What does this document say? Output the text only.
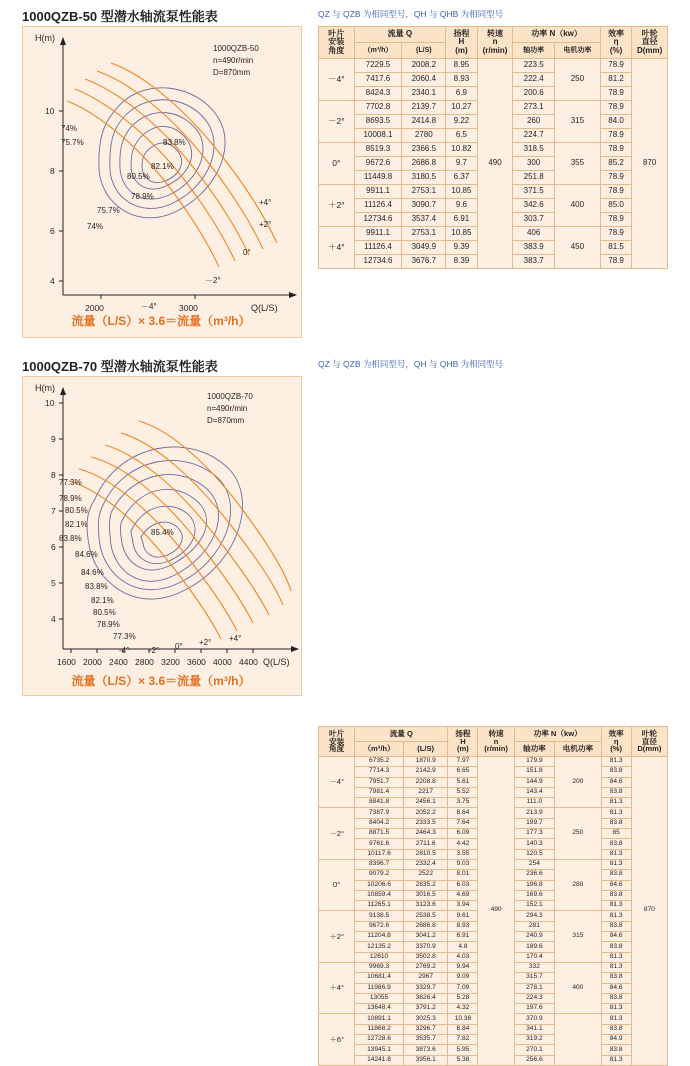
1000QZB-50 型潜水轴流泵性能表	QZ 与 QZB 为相同型号，QH 与 QHB 为相同型号
10
8
6
4
2000	3000
H(m)
Q(L/S)
1000QZB-50
n=490r/min
D=870mm
74%
75.7%	83.8%
82.1%
80.5%
78.9%
75.7%
74%
+4°
+2°
0°
－2°
－4°
流量（L/S）× 3.6＝流量（m³/h）
叶片
安装
角度	流量 Q		扬程
H
(m)	转速
n
(r/min)	功率 N（kw）		效率
η
(%)	叶轮
直径
D(mm)
	（m³/h）	(L/S)			轴功率	电机功率		
－4°	7229.5	2008.2	8.95	490	223.5	250	78.9	870
	7417.6	2060.4	8.93		222.4		81.2	
	8424.3	2340.1	6.9		200.6		78.9	
－2°	7702.8	2139.7	10.27		273.1	315	78.9	
	8693.5	2414.8	9.22		260		84.0	
	10008.1	2780	6.5		224.7		78.9	
0°	8519.3	2366.5	10.82		318.5	355	78.9	
	9672.6	2686.8	9.7		300		85.2	
	11449.8	3180.5	6.37		251.8		78.9	
＋2°	9911.1	2753.1	10.85		371.5	400	78.9	
	11126.4	3090.7	9.6		342.6		85.0	
	12734.6	3537.4	6.91		303.7		78.9	
＋4°	9911.1	2753.1	10.85		406	450	78.9	
	11126.4	3049.9	9.39		383.9		81.5	
	12734.6	3676.7	8.39		383.7		78.9	
1000QZB-70 型潜水轴流泵性能表	QZ 与 QZB 为相同型号，QH 与 QHB 为相同型号
10
9
8
7
6
5
4
1600 2000 2400 2800 3200 3600 4000 4400
H(m)
Q(L/S)
1000QZB-70
n=490r/min
D=870mm
77.3%
78.9%
80.5%
82.1%
83.8%
85.4%
84.6%
84.6%
83.8%
82.1%
80.5%
78.9%
77.3%
-4° -2° 0° +2° +4°
流量（L/S）× 3.6＝流量（m³/h）
叶片
安装
角度	流量 Q		扬程
H
(m)	转速
n
(r/min)	功率 N（kw）		效率
η
(%)	叶轮
直径
D(mm)
	（m³/h）	(L/S)			轴功率	电机功率		
－4°	6735.2	1870.9	7.97	490	179.9	200	81.3	870
	7714.3	2142.9	6.65		151.8		83.8	
	7951.7	2208.8	5.61		144.9		84.6	
	7981.4	2217	5.52		143.4		83.8	
	8841.8	2456.1	3.75		111.0		81.3	
－2°	7387.9	2052.2	8.64		213.9	250	81.3	
	8404.2	2333.5	7.64		199.7		83.8	
	8871.5	2464.3	6.09		177.3		85	
	9761.6	2711.6	4.42		140.3		83.8	
	10117.6	2810.5	3.55		120.5		81.3	
0°	8396.7	2332.4	9.03		254	280	81.3	
	9079.2	2522	8.01		236.6		83.8	
	10206.6	2835.2	6.03		196.8		84.6	
	10859.4	3016.5	4.69		169.6		83.8	
	11265.1	3123.6	3.94		152.1		81.3	
＋2°	9138.5	2538.5	9.61		294.3	315	81.3	
	9672.6	2686.8	8.93		281		83.8	
	11204.8	3041.2	6.91		240.9		84.6	
	12135.2	3370.9	4.8		189.6		83.8	
	12610	3502.8	4.03		170.4		81.3	
＋4°	9969.3	2769.2	9.94		332	400	81.3	
	10681.4	2967	9.09		315.7		83.8	
	11986.9	3329.7	7.09		278.1		84.6	
	13055	3626.4	5.28		224.3		83.8	
	13648.4	3791.2	4.32		197.6		81.3	
＋6°	10891.1	3025.3	10.38		370.9		81.3	
	11868.2	3296.7	8.84		341.1		83.8	
	12728.6	3535.7	7.82		319.2		84.9	
	13945.1	3873.6	5.95		270.1		83.8	
	14241.8	3956.1	5.38		256.6		81.3	
